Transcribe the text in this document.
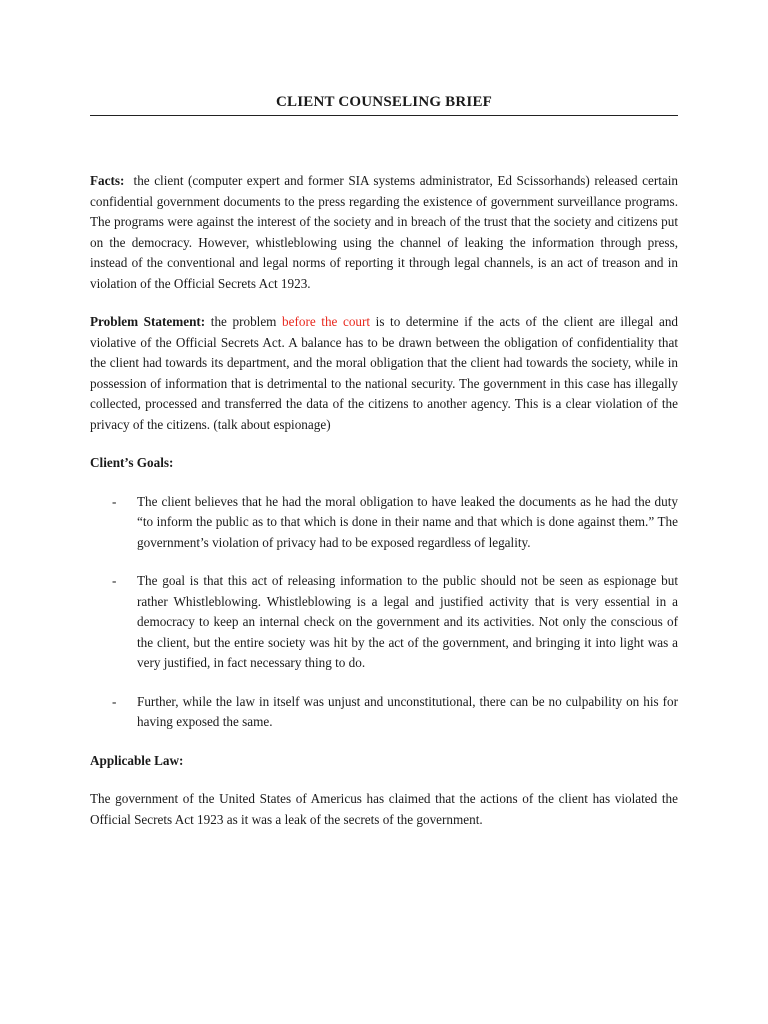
CLIENT COUNSELING BRIEF

Facts:  the client (computer expert and former SIA systems administrator, Ed Scissorhands) released certain confidential government documents to the press regarding the existence of government surveillance programs. The programs were against the interest of the society and in breach of the trust that the society and citizens put on the democracy. However, whistleblowing using the channel of leaking the information through press, instead of the conventional and legal norms of reporting it through legal channels, is an act of treason and in violation of the Official Secrets Act 1923.

Problem Statement: the problem before the court is to determine if the acts of the client are illegal and violative of the Official Secrets Act. A balance has to be drawn between the obligation of confidentiality that the client had towards its department, and the moral obligation that the client had towards the society, while in possession of information that is detrimental to the national security. The government in this case has illegally collected, processed and transferred the data of the citizens to another agency. This is a clear violation of the privacy of the citizens. (talk about espionage)

Client’s Goals:
- The client believes that he had the moral obligation to have leaked the documents as he had the duty “to inform the public as to that which is done in their name and that which is done against them.” The government’s violation of privacy had to be exposed regardless of legality.

- The goal is that this act of releasing information to the public should not be seen as espionage but rather Whistleblowing. Whistleblowing is a legal and justified activity that is very essential in a democracy to keep an internal check on the government and its activities. Not only the conscious of the client, but the entire society was hit by the act of the government, and bringing it into light was a very justified, in fact necessary thing to do.

- Further, while the law in itself was unjust and unconstitutional, there can be no culpability on his for having exposed the same.

Applicable Law:

The government of the United States of Americus has claimed that the actions of the client has violated the Official Secrets Act 1923 as it was a leak of the secrets of the government.
